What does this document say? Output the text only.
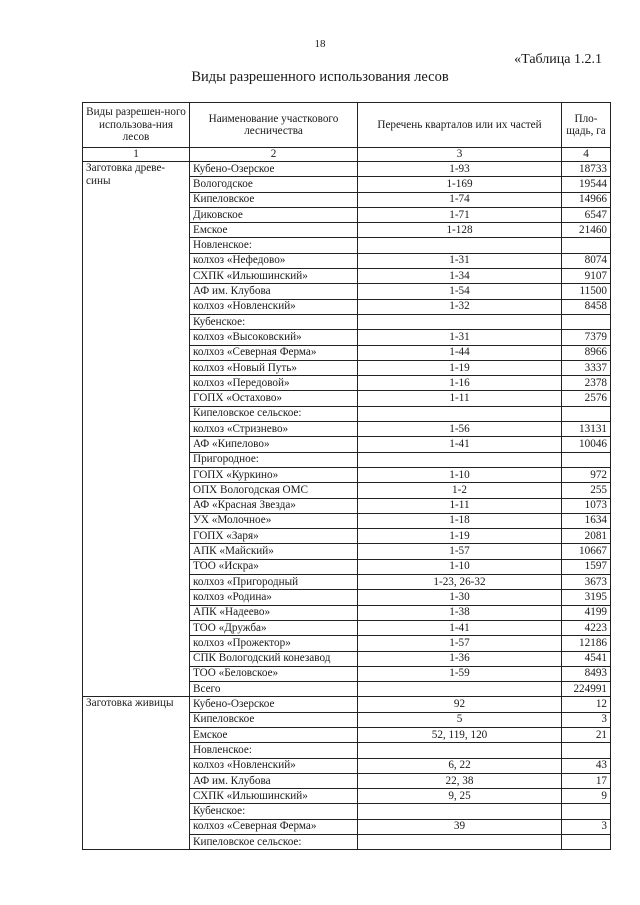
18
«Таблица 1.2.1
Виды разрешенного использования лесов
Виды разрешен-ного использова-ния лесов	Наименование участкового лесничества	Перечень кварталов или их частей	Пло-щадь, га
1	2	3	4
Заготовка древе-сины	Кубено-Озерское	1-93	18733
	Вологодское	1-169	19544
	Кипеловское	1-74	14966
	Диковское	1-71	6547
	Емское	1-128	21460
	Новленское:		
	колхоз «Нефедово»	1-31	8074
	СХПК «Ильюшинский»	1-34	9107
	АФ им. Клубова	1-54	11500
	колхоз «Новленский»	1-32	8458
	Кубенское:		
	колхоз «Высоковский»	1-31	7379
	колхоз «Северная Ферма»	1-44	8966
	колхоз «Новый Путь»	1-19	3337
	колхоз «Передовой»	1-16	2378
	ГОПХ «Остахово»	1-11	2576
	Кипеловское сельское:		
	колхоз «Стризнево»	1-56	13131
	АФ «Кипелово»	1-41	10046
	Пригородное:		
	ГОПХ «Куркино»	1-10	972
	ОПХ Вологодская ОМС	1-2	255
	АФ «Красная Звезда»	1-11	1073
	УХ «Молочное»	1-18	1634
	ГОПХ «Заря»	1-19	2081
	АПК «Майский»	1-57	10667
	ТОО «Искра»	1-10	1597
	колхоз «Пригородный	1-23, 26-32	3673
	колхоз «Родина»	1-30	3195
	АПК «Надеево»	1-38	4199
	ТОО «Дружба»	1-41	4223
	колхоз «Прожектор»	1-57	12186
	СПК Вологодский конезавод	1-36	4541
	ТОО «Беловское»	1-59	8493
	Всего		224991
Заготовка живицы	Кубено-Озерское	92	12
	Кипеловское	5	3
	Емское	52, 119, 120	21
	Новленское:		
	колхоз «Новленский»	6, 22	43
	АФ им. Клубова	22, 38	17
	СХПК «Ильюшинский»	9, 25	9
	Кубенское:		
	колхоз «Северная Ферма»	39	3
	Кипеловское сельское:		
